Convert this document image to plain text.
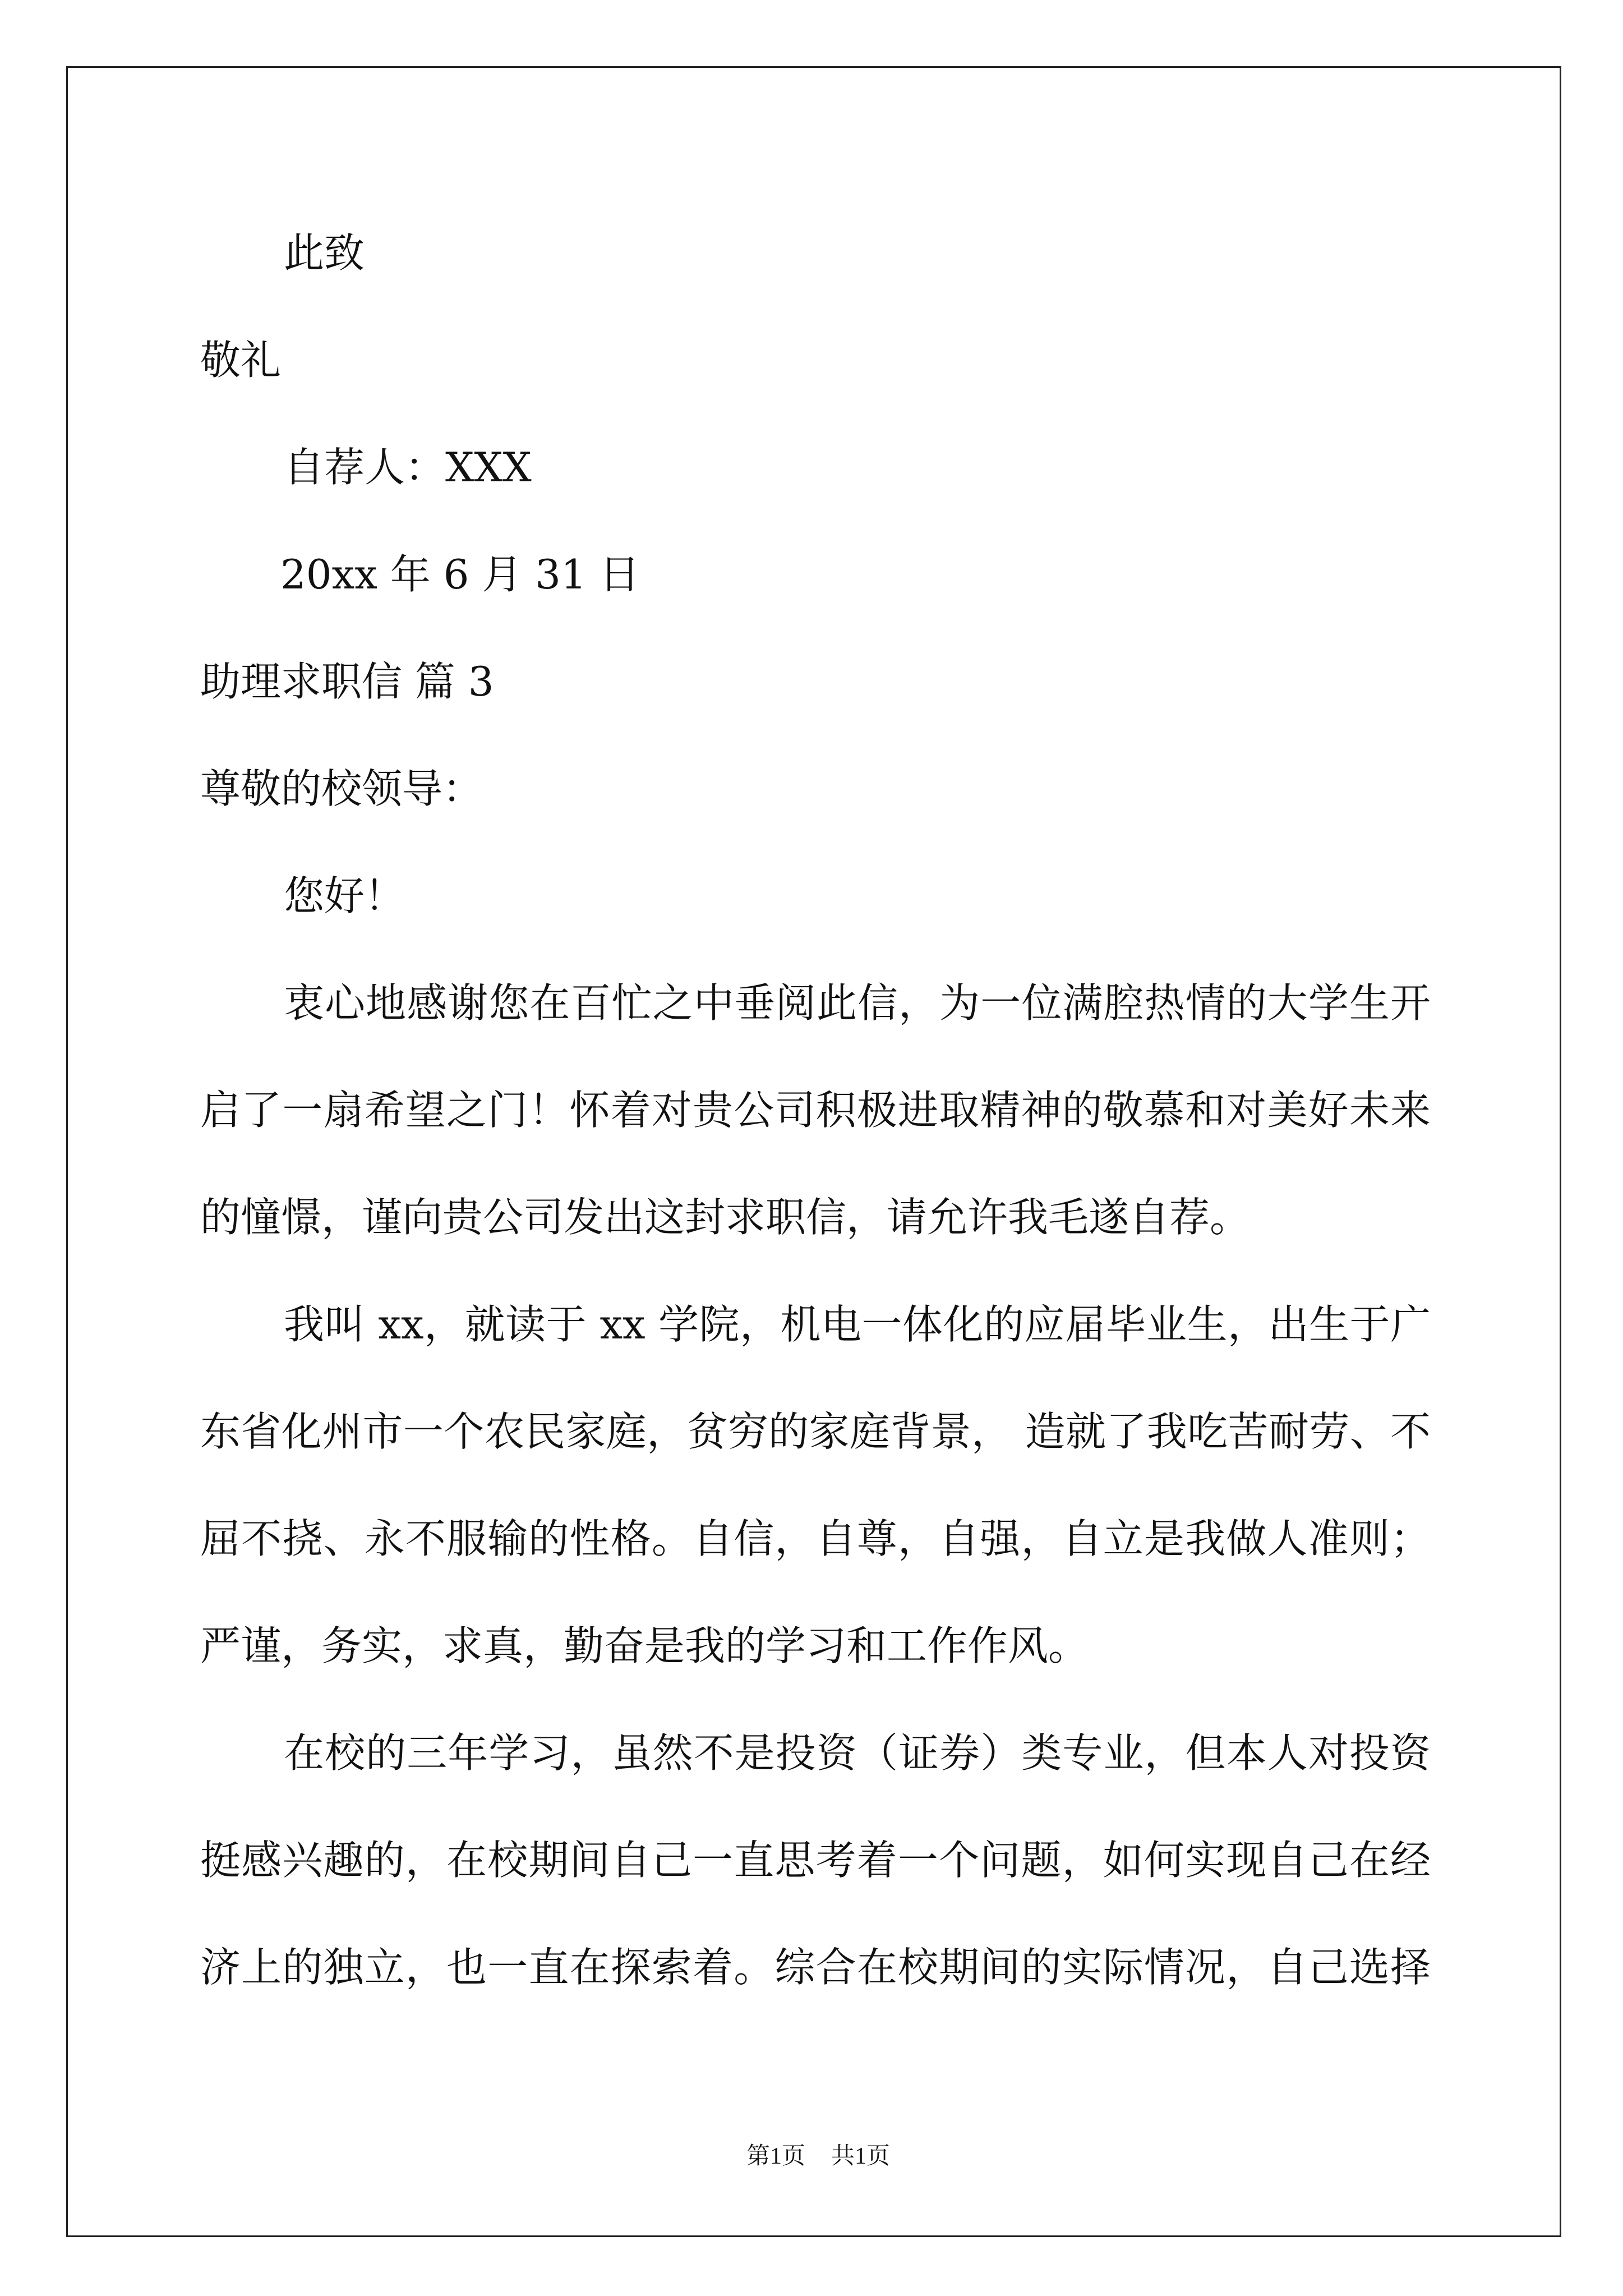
此致
敬礼
自荐人：XXX
20xx 年 6 月 31 日
助理求职信 篇 3
尊敬的校领导：
您好！
衷心地感谢您在百忙之中垂阅此信，为一位满腔热情的大学生开
启了一扇希望之门！怀着对贵公司积极进取精神的敬慕和对美好未来
的憧憬，谨向贵公司发出这封求职信，请允许我毛遂自荐。
我叫 xx，就读于 xx 学院，机电一体化的应届毕业生，出生于广
东省化州市一个农民家庭，贫穷的家庭背景， 造就了我吃苦耐劳、不
屈不挠、永不服输的性格。自信，自尊，自强，自立是我做人准则；
严谨，务实，求真，勤奋是我的学习和工作作风。
在校的三年学习，虽然不是投资（证券）类专业，但本人对投资
挺感兴趣的，在校期间自己一直思考着一个问题，如何实现自己在经
济上的独立，也一直在探索着。综合在校期间的实际情况，自己选择
第1页 共1页
